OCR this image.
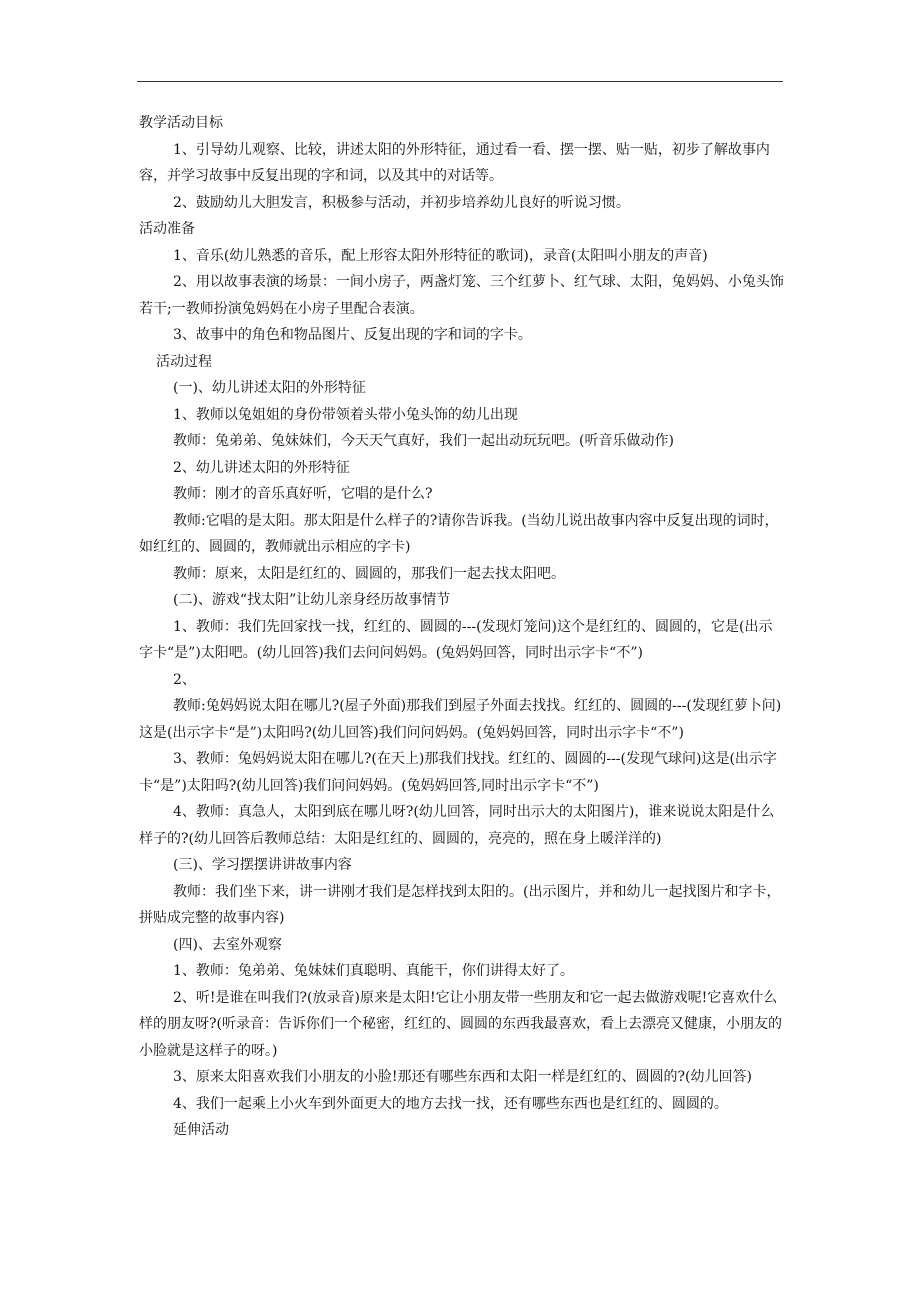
教学活动目标

1、引导幼儿观察、比较，讲述太阳的外形特征，通过看一看、摆一摆、贴一贴，初步了解故事内容，并学习故事中反复出现的字和词，以及其中的对话等。

2、鼓励幼儿大胆发言，积极参与活动，并初步培养幼儿良好的听说习惯。

活动准备

1、音乐(幼儿熟悉的音乐，配上形容太阳外形特征的歌词)，录音(太阳叫小朋友的声音)

2、用以故事表演的场景：一间小房子，两盏灯笼、三个红萝卜、红气球、太阳，兔妈妈、小兔头饰若干;一教师扮演兔妈妈在小房子里配合表演。

3、故事中的角色和物品图片、反复出现的字和词的字卡。

活动过程

(一)、幼儿讲述太阳的外形特征

1、教师以兔姐姐的身份带领着头带小兔头饰的幼儿出现

教师：兔弟弟、兔妹妹们，今天天气真好，我们一起出动玩玩吧。(听音乐做动作)

2、幼儿讲述太阳的外形特征

教师：刚才的音乐真好听，它唱的是什么?

教师:它唱的是太阳。那太阳是什么样子的?请你告诉我。(当幼儿说出故事内容中反复出现的词时，如红红的、圆圆的，教师就出示相应的字卡)

教师：原来，太阳是红红的、圆圆的，那我们一起去找太阳吧。

(二)、游戏“找太阳”让幼儿亲身经历故事情节

1、教师：我们先回家找一找，红红的、圆圆的---(发现灯笼问)这个是红红的、圆圆的，它是(出示字卡“是”)太阳吧。(幼儿回答)我们去问问妈妈。(兔妈妈回答，同时出示字卡“不”)

2、

教师:兔妈妈说太阳在哪儿?(屋子外面)那我们到屋子外面去找找。红红的、圆圆的---(发现红萝卜问)这是(出示字卡“是”)太阳吗?(幼儿回答)我们问问妈妈。(兔妈妈回答，同时出示字卡“不”)

3、教师：兔妈妈说太阳在哪儿?(在天上)那我们找找。红红的、圆圆的---(发现气球问)这是(出示字卡“是”)太阳吗?(幼儿回答)我们问问妈妈。(兔妈妈回答,同时出示字卡“不”)

4、教师：真急人，太阳到底在哪儿呀?(幼儿回答，同时出示大的太阳图片)，谁来说说太阳是什么样子的?(幼儿回答后教师总结：太阳是红红的、圆圆的，亮亮的，照在身上暖洋洋的)

(三)、学习摆摆讲讲故事内容

教师：我们坐下来，讲一讲刚才我们是怎样找到太阳的。(出示图片，并和幼儿一起找图片和字卡，拼贴成完整的故事内容)

(四)、去室外观察

1、教师：兔弟弟、兔妹妹们真聪明、真能干，你们讲得太好了。

2、听!是谁在叫我们?(放录音)原来是太阳!它让小朋友带一些朋友和它一起去做游戏呢!它喜欢什么样的朋友呀?(听录音：告诉你们一个秘密，红红的、圆圆的东西我最喜欢，看上去漂亮又健康，小朋友的小脸就是这样子的呀。)

3、原来太阳喜欢我们小朋友的小脸!那还有哪些东西和太阳一样是红红的、圆圆的?(幼儿回答)

4、我们一起乘上小火车到外面更大的地方去找一找，还有哪些东西也是红红的、圆圆的。

延伸活动
